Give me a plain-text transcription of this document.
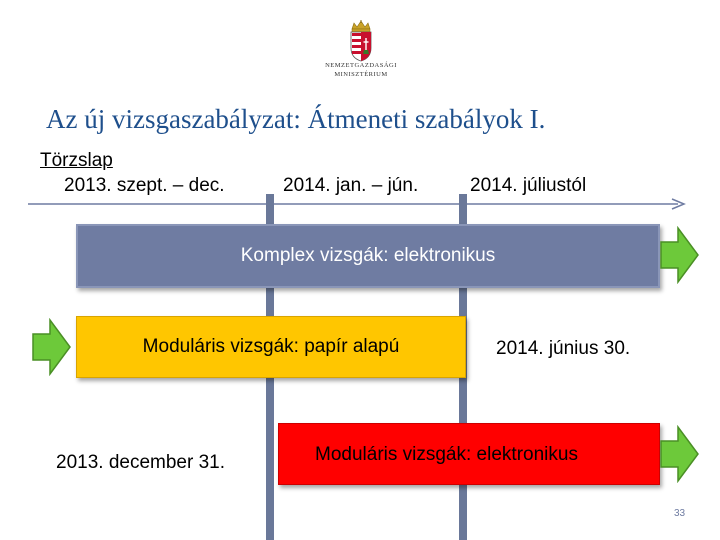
NEMZETGAZDASÁGI
MINISZTÉRIUM
Az új vizsgaszabályzat: Átmeneti szabályok I.
Törzslap
2013. szept. – dec.	2014. jan. – jún.	2014. júliustól
Komplex vizsgák: elektronikus
Moduláris vizsgák: papír alapú
Moduláris vizsgák: elektronikus
2014. június 30.
2013. december 31.
33
